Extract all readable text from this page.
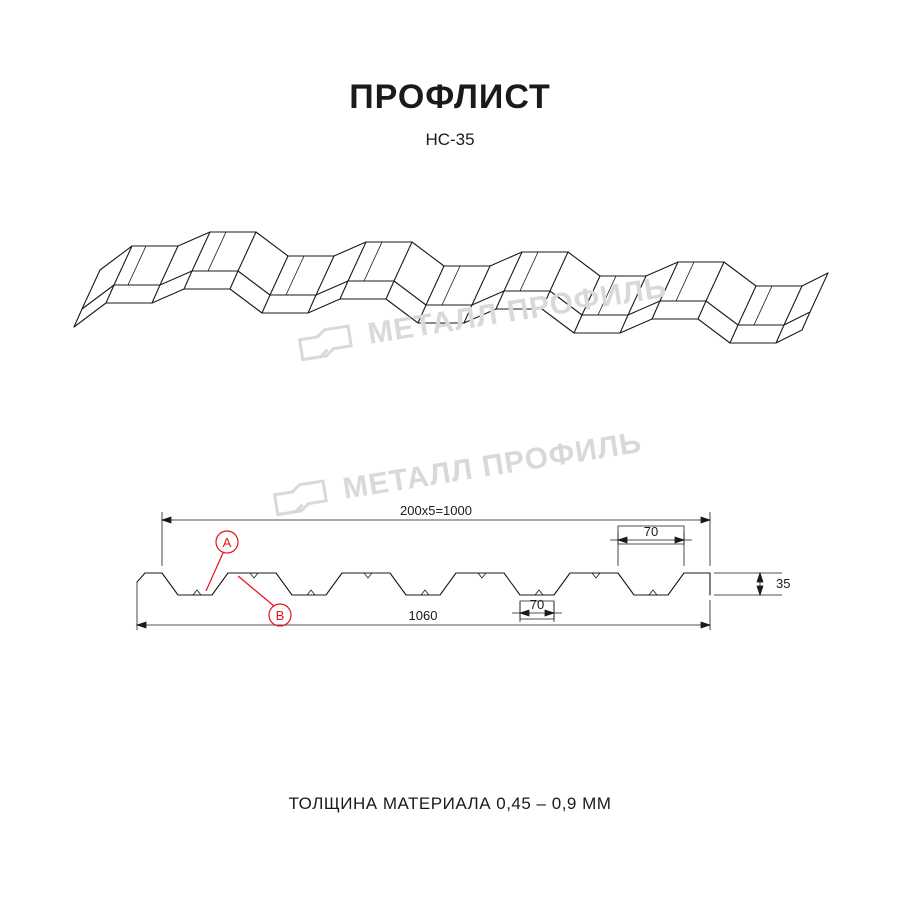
ПРОФЛИСТ
НС-35
200х5=1000
1060
70
70
35
A
B
МЕТАЛЛ ПРОФИЛЬ
МЕТАЛЛ ПРОФИЛЬ
ТОЛЩИНА МАТЕРИАЛА 0,45 – 0,9 ММ
